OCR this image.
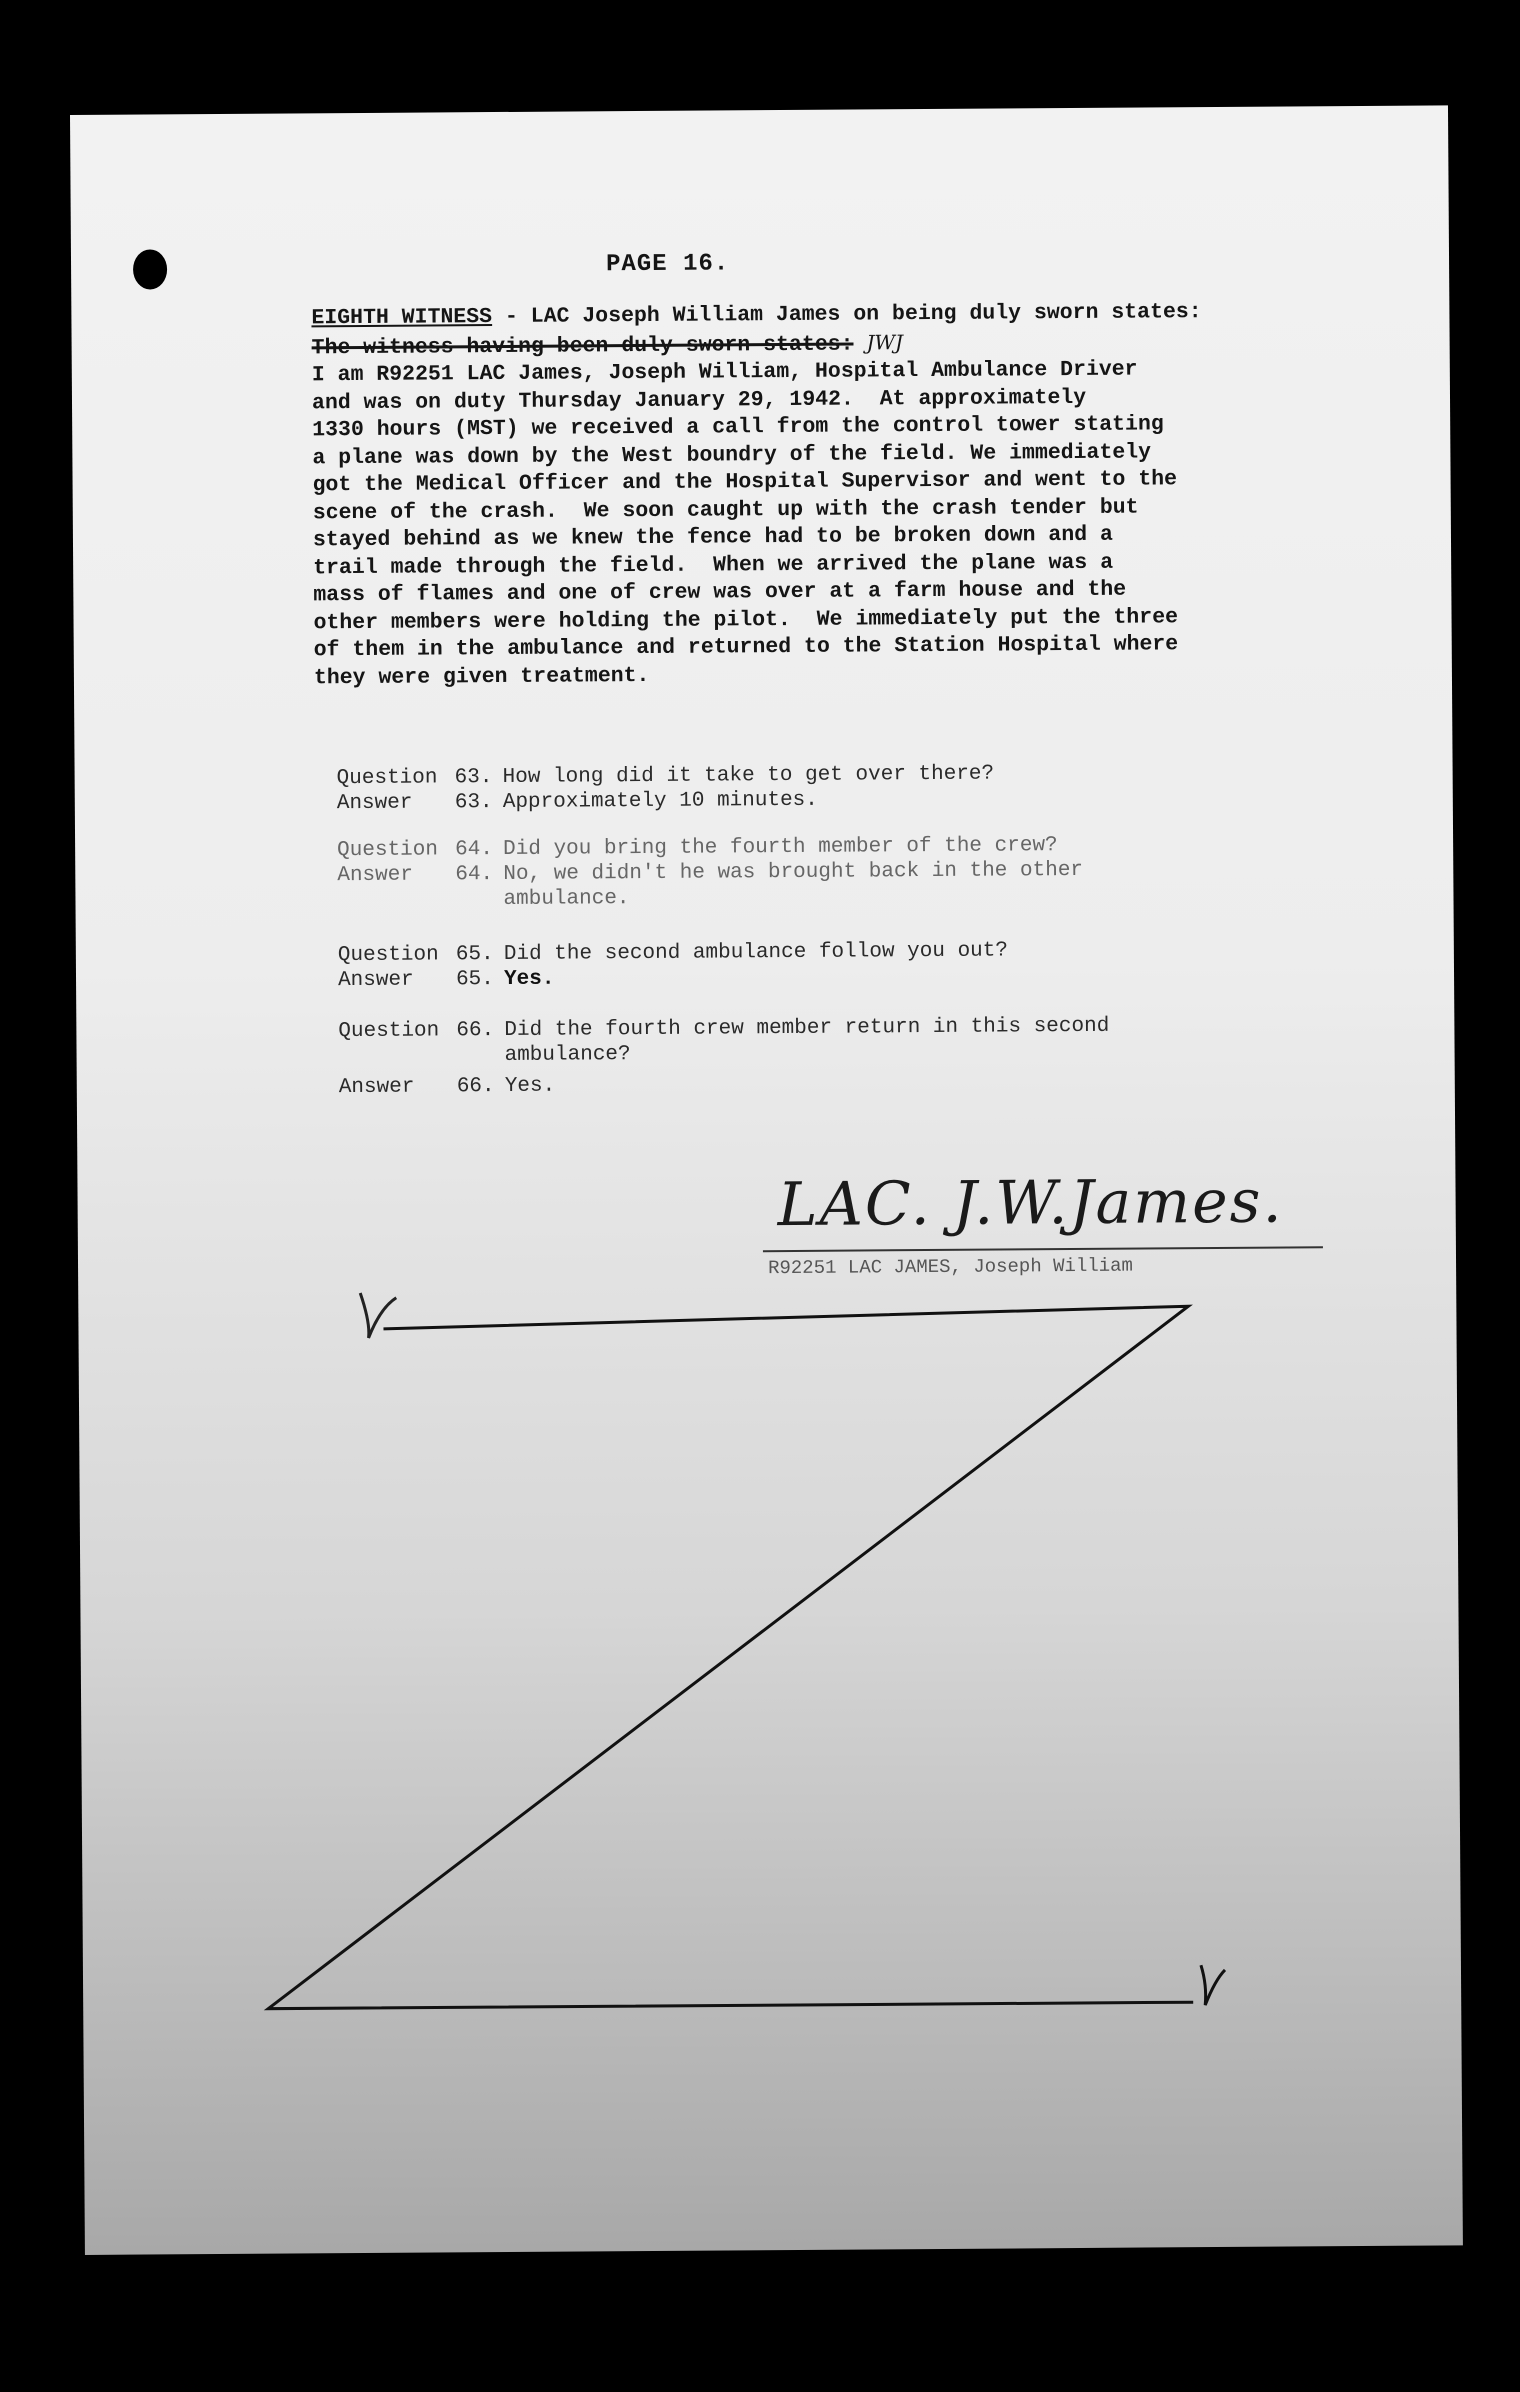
PAGE 16.
EIGHTH WITNESS - LAC Joseph William James on being duly sworn states:
The witness having been duly sworn states: JWJ
I am R92251 LAC James, Joseph William, Hospital Ambulance Driver
and was on duty Thursday January 29, 1942.  At approximately
1330 hours (MST) we received a call from the control tower stating
a plane was down by the West boundry of the field. We immediately
got the Medical Officer and the Hospital Supervisor and went to the
scene of the crash.  We soon caught up with the crash tender but
stayed behind as we knew the fence had to be broken down and a
trail made through the field.  When we arrived the plane was a
mass of flames and one of crew was over at a farm house and the
other members were holding the pilot.  We immediately put the three
of them in the ambulance and returned to the Station Hospital where
they were given treatment.
Question 63. How long did it take to get over there?
Answer	63. Approximately 10 minutes.
Question 64. Did you bring the fourth member of the crew?
Answer	64. No, we didn't he was brought back in the other
ambulance.
Question 65. Did the second ambulance follow you out?
Answer	65. Yes.
Question 66. Did the fourth crew member return in this second
ambulance?
Answer	66. Yes.
LAC. J.W.James.
R92251 LAC JAMES, Joseph William
